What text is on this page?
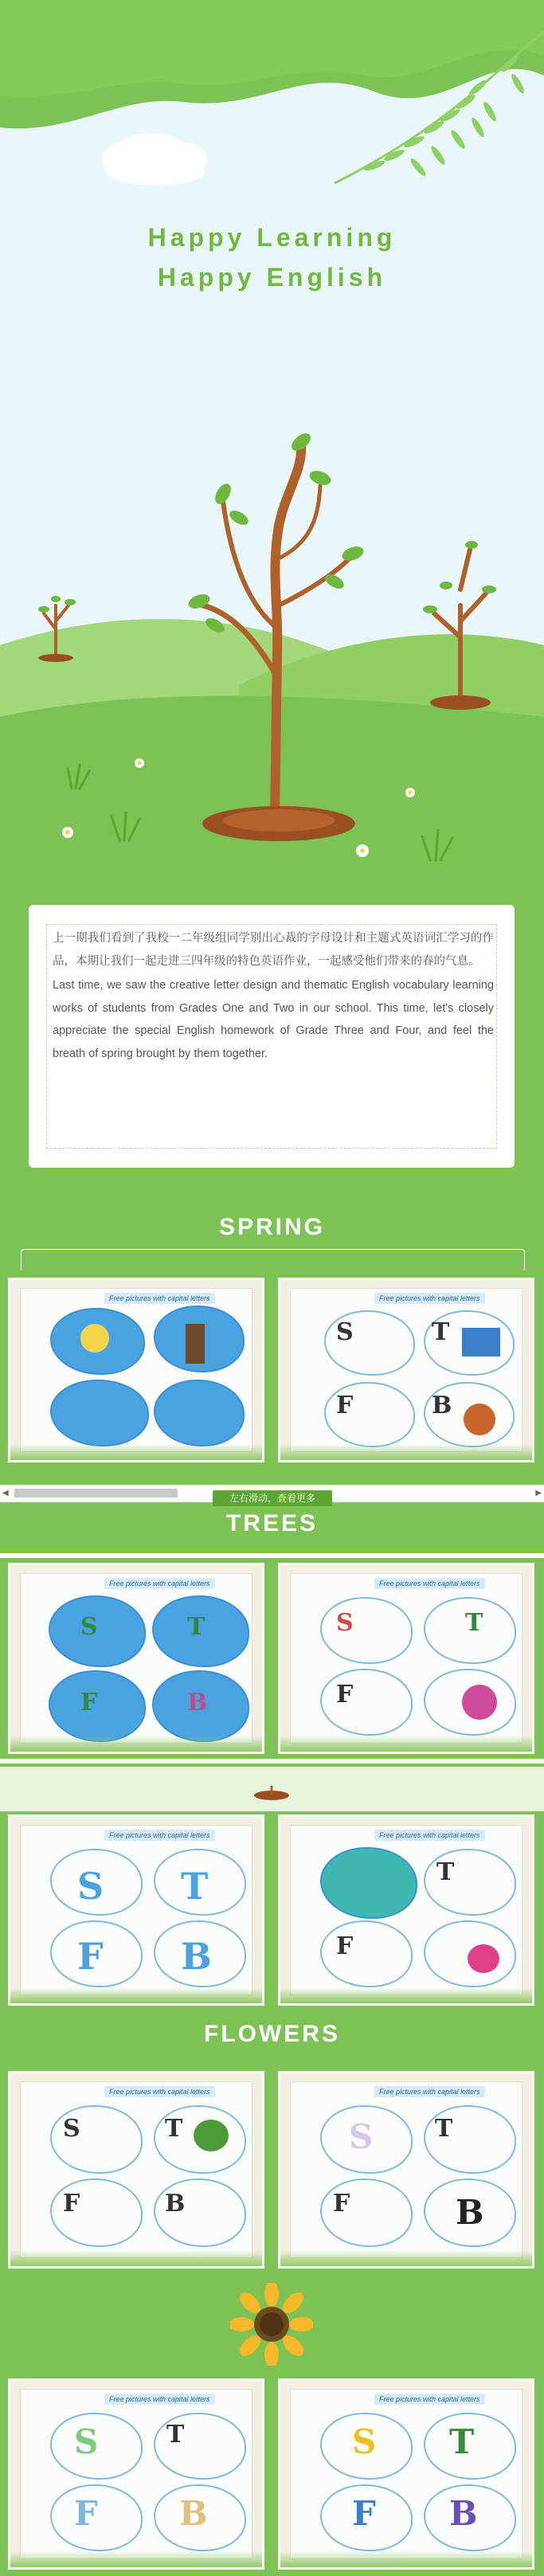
Happy Learning
Happy English

上一期我们看到了我校一二年级组同学别出心裁的字母设计和主题式英语词汇学习的作品，本期让我们一起走进三四年级的特色英语作业，一起感受他们带来的春的气息。

Last time, we saw the creative letter design and thematic English vocabulary learning works of students from Grades One and Two in our school. This time, let's closely appreciate the special English homework of Grade Three and Four, and feel the breath of spring brought by them together.

SPRING
Free pictures with capital letters	Free pictures with capital letters
S	T
F	B
◀	▶
左右滑动，查看更多
TREES
Free pictures with capital letters
S	T
F	B
Free pictures with capital letters
S	T
F
Free pictures with capital letters
S T
F B
Free pictures with capital letters
T
F
FLOWERS
Free pictures with capital letters
S	T
F	B
Free pictures with capital letters
S	T
F	B
Free pictures with capital letters
S	T
F B
Free pictures with capital letters
S T
F B
